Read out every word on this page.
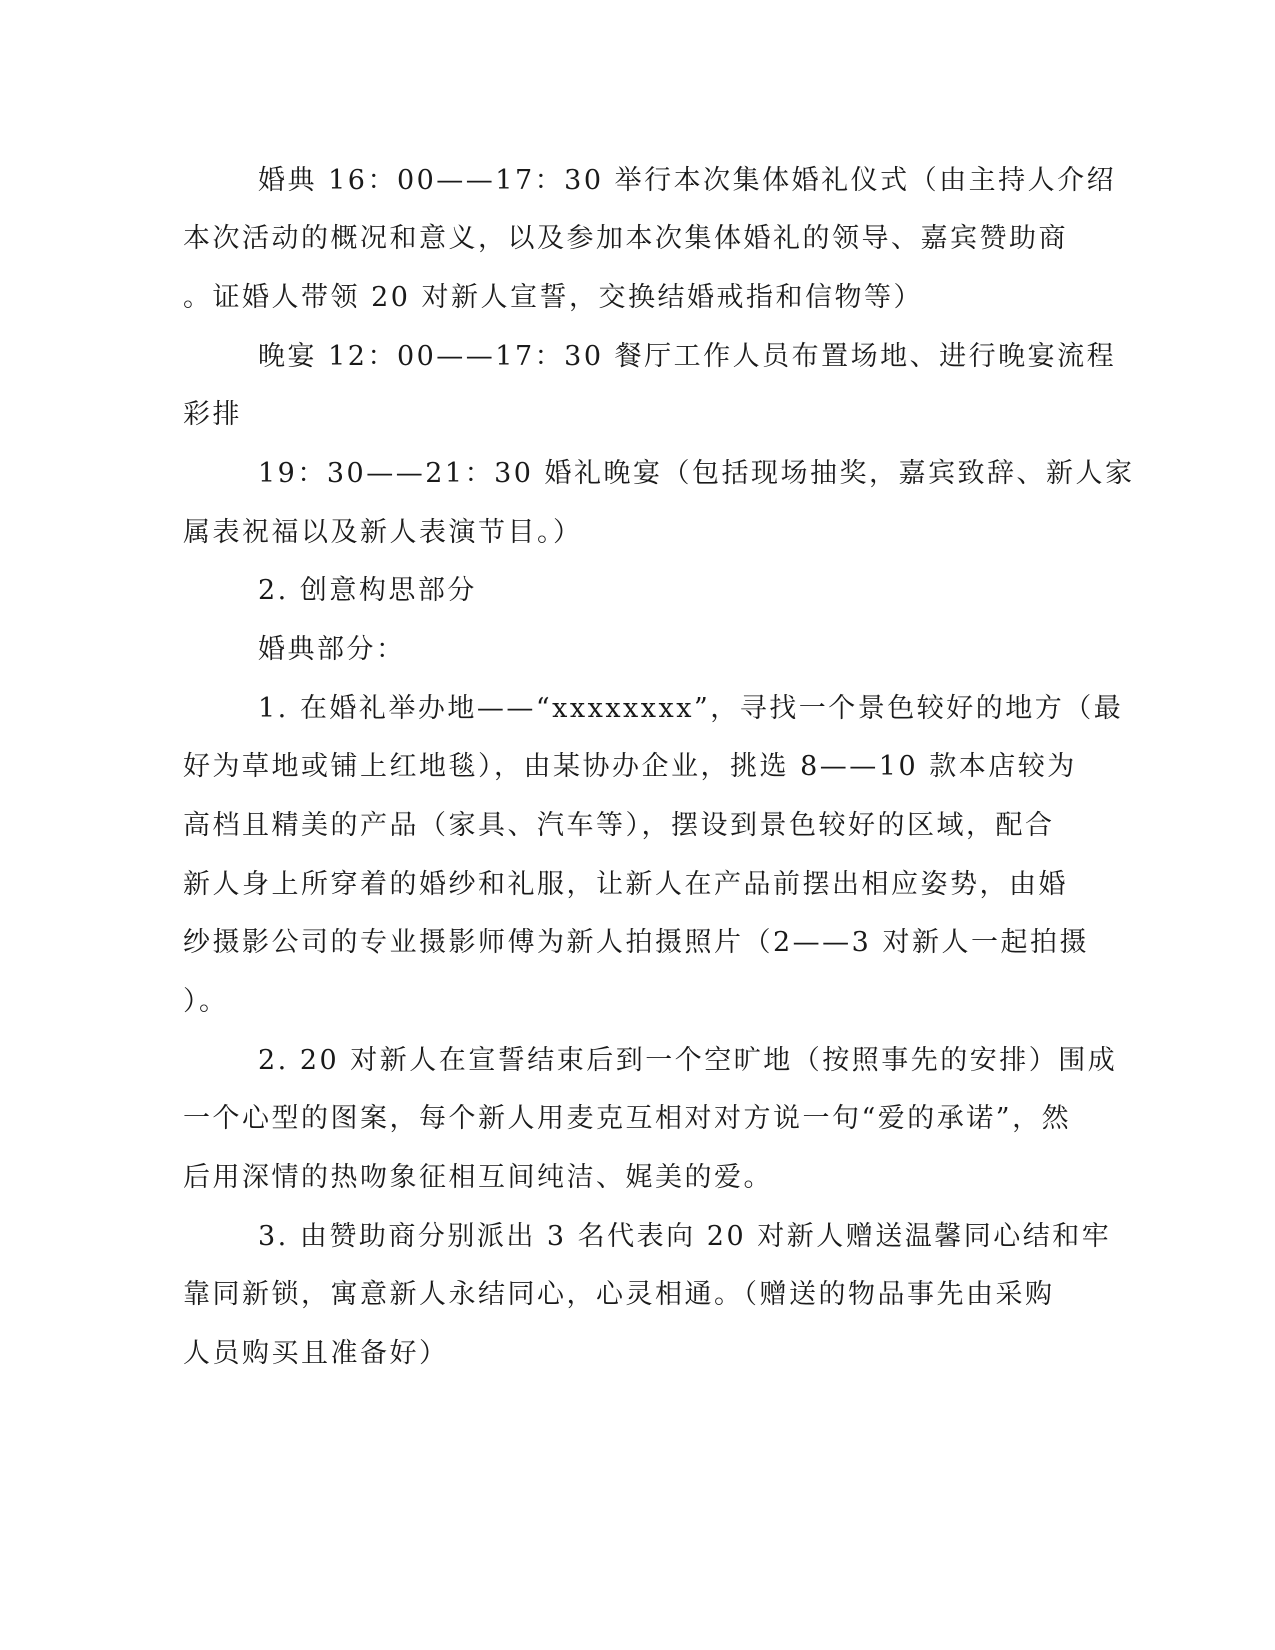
婚典 16：00——17：30 举行本次集体婚礼仪式（由主持人介绍
本次活动的概况和意义，以及参加本次集体婚礼的领导、嘉宾赞助商
。证婚人带领 20 对新人宣誓，交换结婚戒指和信物等）
晚宴 12：00——17：30 餐厅工作人员布置场地、进行晚宴流程
彩排
19：30——21：30 婚礼晚宴（包括现场抽奖，嘉宾致辞、新人家
属表祝福以及新人表演节目。）
2. 创意构思部分
婚典部分：
1. 在婚礼举办地——“xxxxxxxx”，寻找一个景色较好的地方（最
好为草地或铺上红地毯），由某协办企业，挑选 8——10 款本店较为
高档且精美的产品（家具、汽车等），摆设到景色较好的区域，配合
新人身上所穿着的婚纱和礼服，让新人在产品前摆出相应姿势，由婚
纱摄影公司的专业摄影师傅为新人拍摄照片（2——3 对新人一起拍摄
）。
2. 20 对新人在宣誓结束后到一个空旷地（按照事先的安排）围成
一个心型的图案，每个新人用麦克互相对对方说一句“爱的承诺”，然
后用深情的热吻象征相互间纯洁、娓美的爱。
3. 由赞助商分别派出 3 名代表向 20 对新人赠送温馨同心结和牢
靠同新锁，寓意新人永结同心，心灵相通。（赠送的物品事先由采购
人员购买且准备好）
